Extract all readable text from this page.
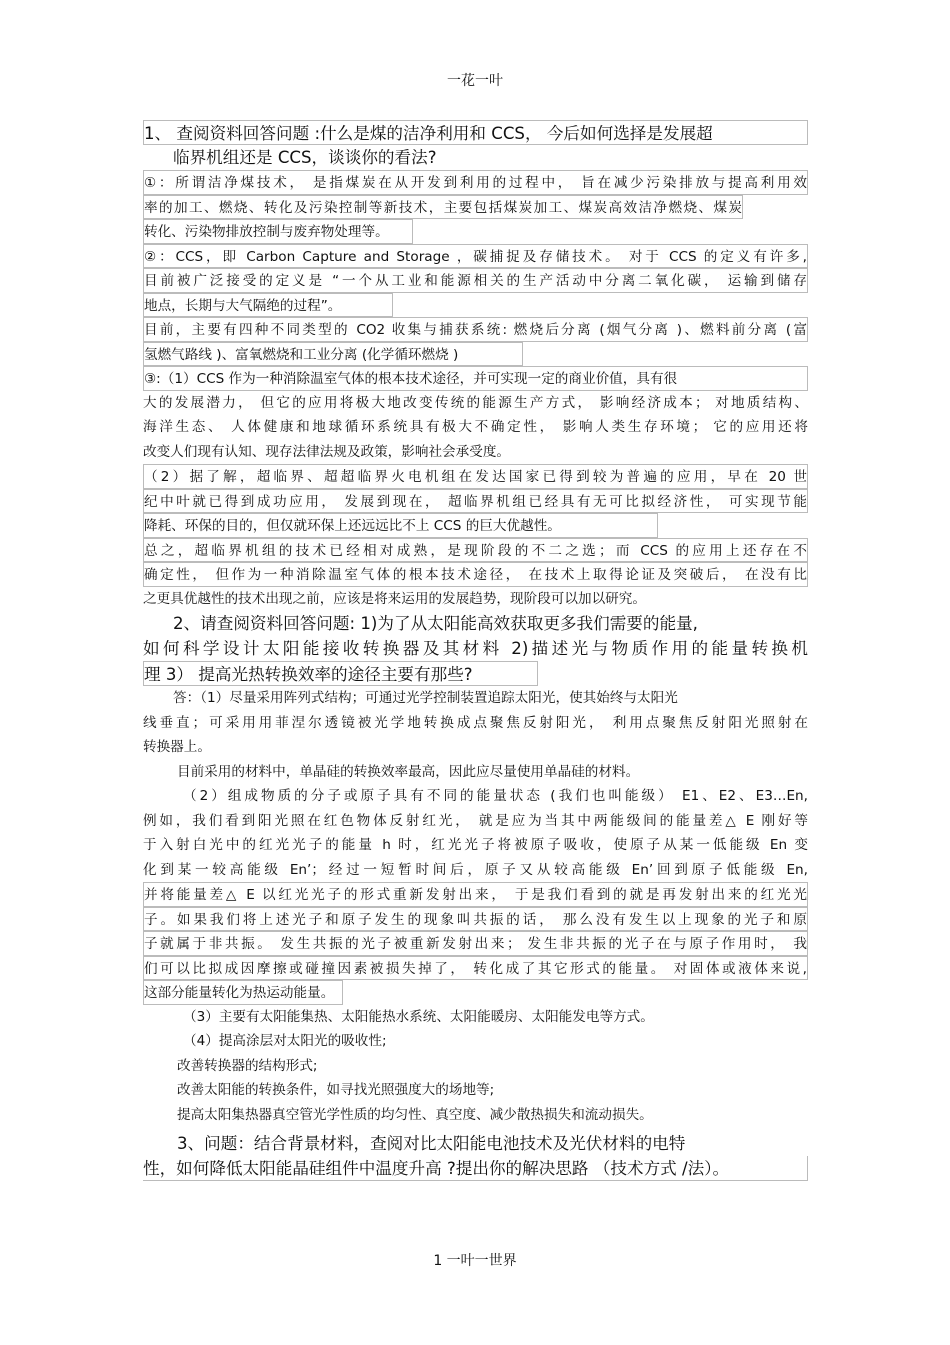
一花一叶
1、 查阅资料回答问题 :什么是煤的洁净利用和 CCS， 今后如何选择是发展超
临界机组还是 CCS，谈谈你的看法?
①：所谓洁净煤技术， 是指煤炭在从开发到利用的过程中， 旨在减少污染排放与提高利用效
率的加工、燃烧、转化及污染控制等新技术，主要包括煤炭加工、煤炭高效洁净燃烧、煤炭
转化、污染物排放控制与废弃物处理等。
②：CCS，即 Carbon Capture and Storage ，碳捕捉及存储技术。 对于 CCS 的定义有许多,
目前被广泛接受的定义是 “一个从工业和能源相关的生产活动中分离二氧化碳， 运输到储存
地点，长期与大气隔绝的过程”。
目前，主要有四种不同类型的 CO2 收集与捕获系统: 燃烧后分离 (烟气分离 )、燃料前分离 (富
氢燃气路线 )、富氧燃烧和工业分离 (化学循环燃烧 )
③:（1）CCS 作为一种消除温室气体的根本技术途径，并可实现一定的商业价值，具有很
大的发展潜力， 但它的应用将极大地改变传统的能源生产方式， 影响经济成本； 对地质结构、
海洋生态、 人体健康和地球循环系统具有极大不确定性， 影响人类生存环境； 它的应用还将
改变人们现有认知、现存法律法规及政策，影响社会承受度。
（2）据了解，超临界、超超临界火电机组在发达国家已得到较为普遍的应用，早在 20 世
纪中叶就已得到成功应用， 发展到现在， 超临界机组已经具有无可比拟经济性， 可实现节能
降耗、环保的目的，但仅就环保上还远远比不上 CCS 的巨大优越性。
总之，超临界机组的技术已经相对成熟，是现阶段的不二之选；而 CCS 的应用上还存在不
确定性， 但作为一种消除温室气体的根本技术途径， 在技术上取得论证及突破后， 在没有比
之更具优越性的技术出现之前，应该是将来运用的发展趋势，现阶段可以加以研究。
2、请查阅资料回答问题: 1)为了从太阳能高效获取更多我们需要的能量,
如何科学设计太阳能接收转换器及其材料 2)描述光与物质作用的能量转换机
理 3） 提高光热转换效率的途径主要有那些?
答：（1）尽量采用阵列式结构；可通过光学控制装置追踪太阳光，使其始终与太阳光
线垂直；可采用用菲涅尔透镜被光学地转换成点聚焦反射阳光， 利用点聚焦反射阳光照射在
转换器上。
目前采用的材料中，单晶硅的转换效率最高，因此应尽量使用单晶硅的材料。
（2）组成物质的分子或原子具有不同的能量状态 (我们也叫能级） E1、E2、E3…En,
例如，我们看到阳光照在红色物体反射红光， 就是应为当其中两能级间的能量差△ E 刚好等
于入射白光中的红光光子的能量 h 时，红光光子将被原子吸收，使原子从某一低能级 En 变
化到某一较高能级 En’；经过一短暂时间后，原子又从较高能级 En’回到原子低能级 En,
并将能量差△ E 以红光光子的形式重新发射出来， 于是我们看到的就是再发射出来的红光光
子。如果我们将上述光子和原子发生的现象叫共振的话， 那么没有发生以上现象的光子和原
子就属于非共振。 发生共振的光子被重新发射出来； 发生非共振的光子在与原子作用时， 我
们可以比拟成因摩擦或碰撞因素被损失掉了， 转化成了其它形式的能量。 对固体或液体来说,
这部分能量转化为热运动能量。
（3）主要有太阳能集热、太阳能热水系统、太阳能暖房、太阳能发电等方式。
（4）提高涂层对太阳光的吸收性;
改善转换器的结构形式;
改善太阳能的转换条件，如寻找光照强度大的场地等;
提高太阳集热器真空管光学性质的均匀性、真空度、减少散热损失和流动损失。
3、问题：结合背景材料，查阅对比太阳能电池技术及光伏材料的电特
性，如何降低太阳能晶硅组件中温度升高 ?提出你的解决思路 （技术方式 /法）。
1 一叶一世界
